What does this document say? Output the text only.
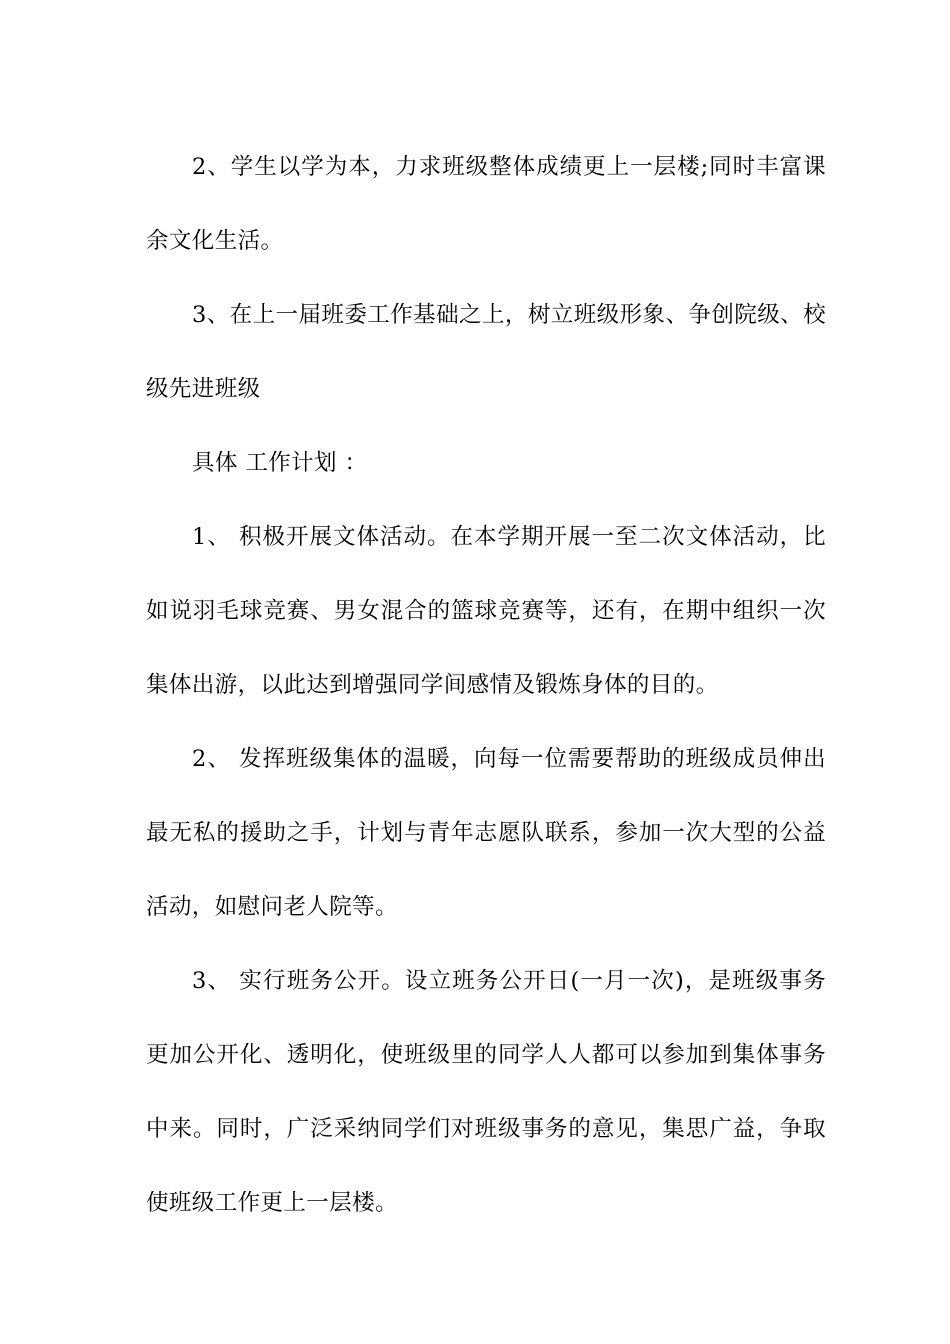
2、学生以学为本，力求班级整体成绩更上一层楼;同时丰富课余文化生活。

3、在上一届班委工作基础之上，树立班级形象、争创院级、校级先进班级

具体 工作计划 ：

1、 积极开展文体活动。在本学期开展一至二次文体活动，比如说羽毛球竞赛、男女混合的篮球竞赛等，还有，在期中组织一次集体出游，以此达到增强同学间感情及锻炼身体的目的。

2、 发挥班级集体的温暖，向每一位需要帮助的班级成员伸出最无私的援助之手，计划与青年志愿队联系，参加一次大型的公益活动，如慰问老人院等。

3、 实行班务公开。设立班务公开日(一月一次)，是班级事务更加公开化、透明化，使班级里的同学人人都可以参加到集体事务中来。同时，广泛采纳同学们对班级事务的意见，集思广益，争取使班级工作更上一层楼。
